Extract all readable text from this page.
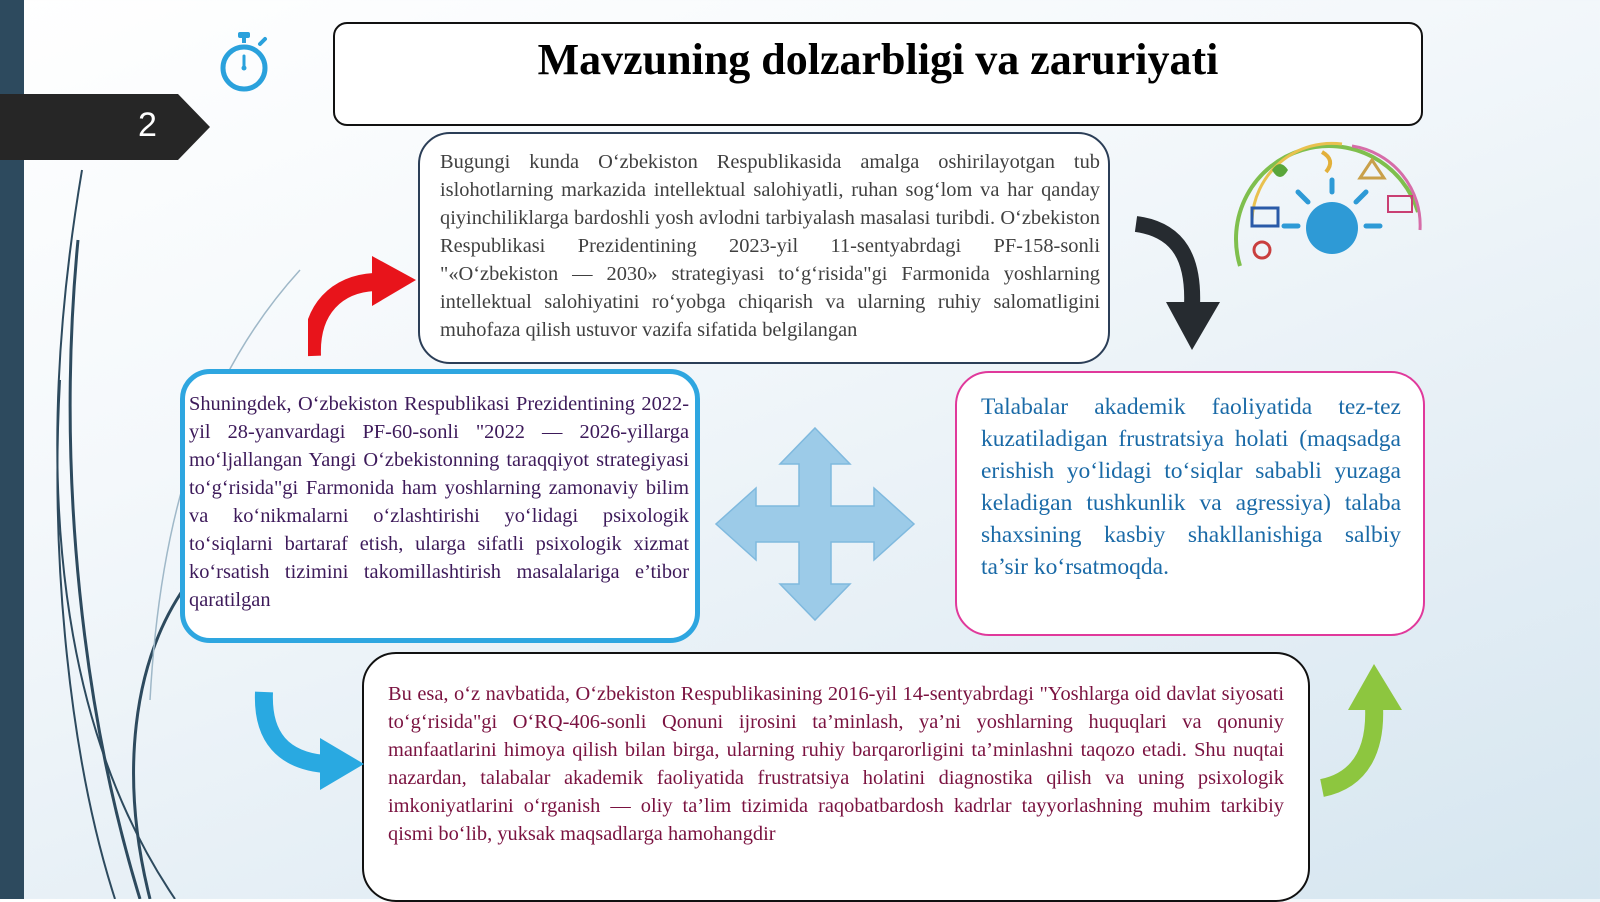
2
Mavzuning dolzarbligi va zaruriyati
Bugungi kunda O‘zbekiston Respublikasida amalga oshirilayotgan tub islohotlarning markazida intellektual salohiyatli, ruhan sog‘lom va har qanday qiyinchiliklarga bardoshli yosh avlodni tarbiyalash masalasi turibdi. O‘zbekiston Respublikasi Prezidentining 2023-yil 11-sentyabrdagi PF-158-sonli "«O‘zbekiston — 2030» strategiyasi to‘g‘risida"gi Farmonida yoshlarning intellektual salohiyatini ro‘yobga chiqarish va ularning ruhiy salomatligini muhofaza qilish ustuvor vazifa sifatida belgilangan
Shuningdek, O‘zbekiston Respublikasi Prezidentining 2022-yil 28-yanvardagi PF-60-sonli "2022 — 2026-yillarga mo‘ljallangan Yangi O‘zbekistonning taraqqiyot strategiyasi to‘g‘risida"gi Farmonida ham yoshlarning zamonaviy bilim va ko‘nikmalarni o‘zlashtirishi yo‘lidagi psixologik to‘siqlarni bartaraf etish, ularga sifatli psixologik xizmat ko‘rsatish tizimini takomillashtirish masalalariga e’tibor qaratilgan
Talabalar akademik faoliyatida tez-tez kuzatiladigan frustratsiya holati (maqsadga erishish yo‘lidagi to‘siqlar sababli yuzaga keladigan tushkunlik va agressiya) talaba shaxsining kasbiy shakllanishiga salbiy ta’sir ko‘rsatmoqda.
Bu esa, o‘z navbatida, O‘zbekiston Respublikasining 2016-yil 14-sentyabrdagi "Yoshlarga oid davlat siyosati to‘g‘risida"gi O‘RQ-406-sonli Qonuni ijrosini ta’minlash, ya’ni yoshlarning huquqlari va qonuniy manfaatlarini himoya qilish bilan birga, ularning ruhiy barqarorligini ta’minlashni taqozo etadi. Shu nuqtai nazardan, talabalar akademik faoliyatida frustratsiya holatini diagnostika qilish va uning psixologik imkoniyatlarini o‘rganish — oliy ta’lim tizimida raqobatbardosh kadrlar tayyorlashning muhim tarkibiy qismi bo‘lib, yuksak maqsadlarga hamohangdir
